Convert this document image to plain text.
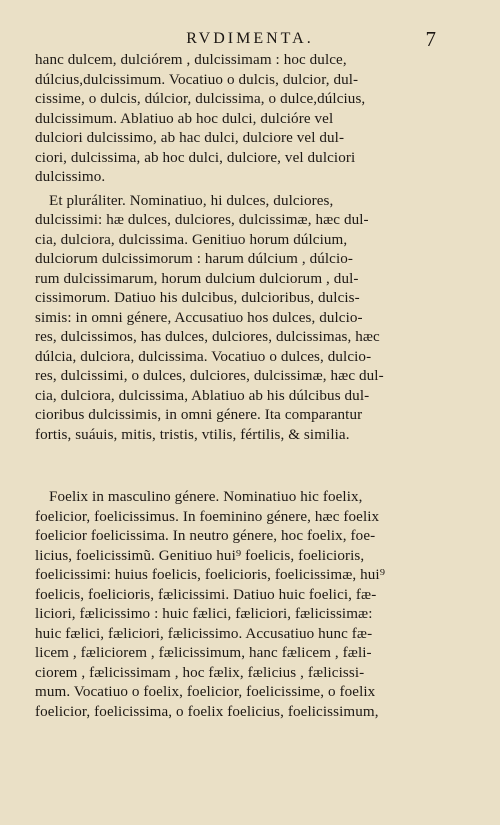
RVDIMENTA.	7
hanc dulcem, dulciórem , dulcissimam : hoc dulce,
dúlcius,dulcissimum. Vocatiuo o dulcis, dulcior, dul-
cissime, o dulcis, dúlcior, dulcissima, o dulce,dúlcius,
dulcissimum. Ablatiuo ab hoc dulci, dulcióre vel
dulciori dulcissimo, ab hac dulci, dulciore vel dul-
ciori, dulcissima, ab hoc dulci, dulciore, vel dulciori
dulcissimo.
Et pluráliter. Nominatiuo, hi dulces, dulciores,
dulcissimi: hæ dulces, dulciores, dulcissimæ, hæc dul-
cia, dulciora, dulcissima. Genitiuo horum dúlcium,
dulciorum dulcissimorum : harum dúlcium , dúlcio-
rum dulcissimarum, horum dulcium dulciorum , dul-
cissimorum. Datiuo his dulcibus, dulcioribus, dulcis-
simis: in omni génere, Accusatiuo hos dulces, dulcio-
res, dulcissimos, has dulces, dulciores, dulcissimas, hæc
dúlcia, dulciora, dulcissima. Vocatiuo o dulces, dulcio-
res, dulcissimi, o dulces, dulciores, dulcissimæ, hæc dul-
cia, dulciora, dulcissima, Ablatiuo ab his dúlcibus dul-
cioribus dulcissimis, in omni génere. Ita comparantur
fortis, suáuis, mitis, tristis, vtilis, fértilis, & similia.
Foelix in masculino génere. Nominatiuo hic foelix,
foelicior, foelicissimus. In foeminino génere, hæc foelix
foelicior foelicissima. In neutro génere, hoc foelix, foe-
licius, foelicissimũ. Genitiuo hui⁹ foelicis, foelicioris,
foelicissimi: huius foelicis, foelicioris, foelicissimæ, hui⁹
foelicis, foelicioris, fælicissimi. Datiuo huic foelici, fæ-
liciori, fælicissimo : huic fælici, fæliciori, fælicissimæ:
huic fælici, fæliciori, fælicissimo. Accusatiuo hunc fæ-
licem , fæliciorem , fælicissimum, hanc fælicem , fæli-
ciorem , fælicissimam , hoc fælix, fælicius , fælicissi-
mum. Vocatiuo o foelix, foelicior, foelicissime, o foelix
foelicior, foelicissima, o foelix foelicius, foelicissimum,
